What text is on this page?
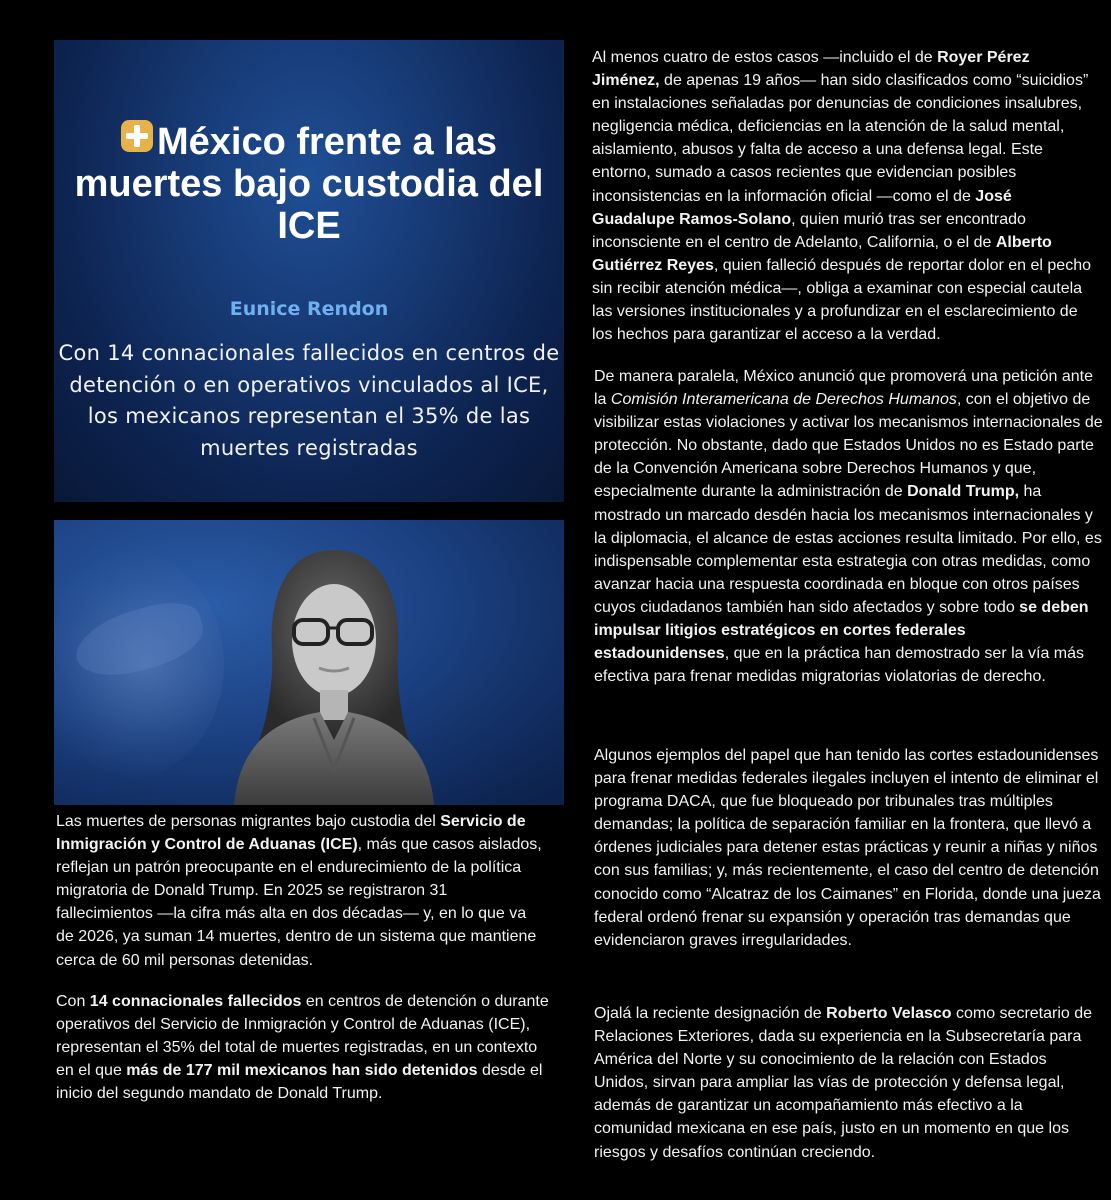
México frente a las muertes bajo custodia del ICE
Eunice Rendon
Con 14 connacionales fallecidos en centros de detención o en operativos vinculados al ICE, los mexicanos representan el 35% de las muertes registradas

Las muertes de personas migrantes bajo custodia del Servicio de Inmigración y Control de Aduanas (ICE), más que casos aislados, reflejan un patrón preocupante en el endurecimiento de la política migratoria de Donald Trump. En 2025 se registraron 31 fallecimientos —la cifra más alta en dos décadas— y, en lo que va de 2026, ya suman 14 muertes, dentro de un sistema que mantiene cerca de 60 mil personas detenidas.

Con 14 connacionales fallecidos en centros de detención o durante operativos del Servicio de Inmigración y Control de Aduanas (ICE), representan el 35% del total de muertes registradas, en un contexto en el que más de 177 mil mexicanos han sido detenidos desde el inicio del segundo mandato de Donald Trump.

Al menos cuatro de estos casos —incluido el de Royer Pérez Jiménez, de apenas 19 años— han sido clasificados como “suicidios” en instalaciones señaladas por denuncias de condiciones insalubres, negligencia médica, deficiencias en la atención de la salud mental, aislamiento, abusos y falta de acceso a una defensa legal. Este entorno, sumado a casos recientes que evidencian posibles inconsistencias en la información oficial —como el de José Guadalupe Ramos-Solano, quien murió tras ser encontrado inconsciente en el centro de Adelanto, California, o el de Alberto Gutiérrez Reyes, quien falleció después de reportar dolor en el pecho sin recibir atención médica—, obliga a examinar con especial cautela las versiones institucionales y a profundizar en el esclarecimiento de los hechos para garantizar el acceso a la verdad.

De manera paralela, México anunció que promoverá una petición ante la Comisión Interamericana de Derechos Humanos, con el objetivo de visibilizar estas violaciones y activar los mecanismos internacionales de protección. No obstante, dado que Estados Unidos no es Estado parte de la Convención Americana sobre Derechos Humanos y que, especialmente durante la administración de Donald Trump, ha mostrado un marcado desdén hacia los mecanismos internacionales y la diplomacia, el alcance de estas acciones resulta limitado. Por ello, es indispensable complementar esta estrategia con otras medidas, como avanzar hacia una respuesta coordinada en bloque con otros países cuyos ciudadanos también han sido afectados y sobre todo se deben impulsar litigios estratégicos en cortes federales estadounidenses, que en la práctica han demostrado ser la vía más efectiva para frenar medidas migratorias violatorias de derecho.

Algunos ejemplos del papel que han tenido las cortes estadounidenses para frenar medidas federales ilegales incluyen el intento de eliminar el programa DACA, que fue bloqueado por tribunales tras múltiples demandas; la política de separación familiar en la frontera, que llevó a órdenes judiciales para detener estas prácticas y reunir a niñas y niños con sus familias; y, más recientemente, el caso del centro de detención conocido como “Alcatraz de los Caimanes” en Florida, donde una jueza federal ordenó frenar su expansión y operación tras demandas que evidenciaron graves irregularidades.

Ojalá la reciente designación de Roberto Velasco como secretario de Relaciones Exteriores, dada su experiencia en la Subsecretaría para América del Norte y su conocimiento de la relación con Estados Unidos, sirvan para ampliar las vías de protección y defensa legal, además de garantizar un acompañamiento más efectivo a la comunidad mexicana en ese país, justo en un momento en que los riesgos y desafíos continúan creciendo.
